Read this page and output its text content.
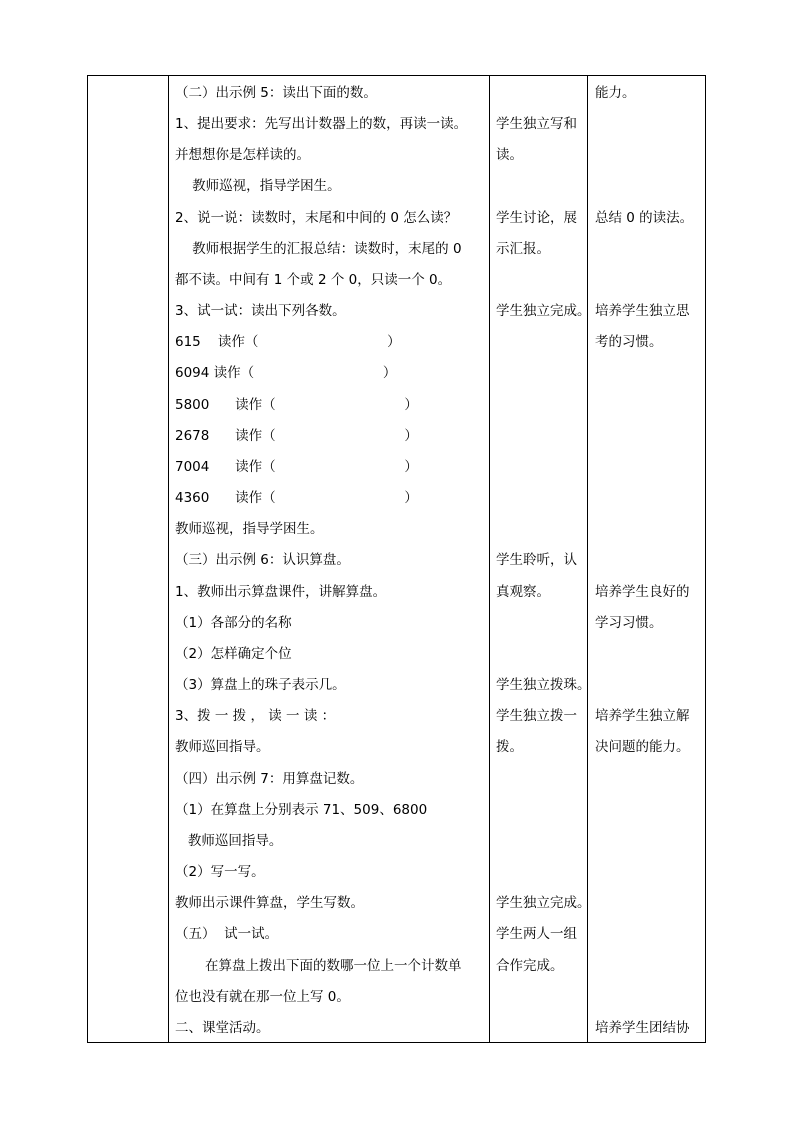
（二）出示例 5：读出下面的数。
1、提出要求：先写出计数器上的数，再读一读。
并想想你是怎样读的。
教师巡视，指导学困生。
2、说一说：读数时，末尾和中间的 0 怎么读？
教师根据学生的汇报总结：读数时，末尾的 0
都不读。中间有 1 个或 2 个 0，只读一个 0。
3、试一试：读出下列各数。
615    读作（                              ）
6094 读作（                              ）
5800      读作（                              ）
2678      读作（                              ）
7004      读作（                              ）
4360      读作（                              ）
教师巡视，指导学困生。
（三）出示例 6：认识算盘。
1、教师出示算盘课件，讲解算盘。
（1）各部分的名称
（2）怎样确定个位
（3）算盘上的珠子表示几。
3、拨 一 拨 ， 读 一 读 ：
教师巡回指导。
（四）出示例 7：用算盘记数。
（1）在算盘上分别表示 71、509、6800
教师巡回指导。
（2）写一写。
教师出示课件算盘，学生写数。
（五）  试一试。
在算盘上拨出下面的数哪一位上一个计数单
位也没有就在那一位上写 0。
二、课堂活动。
学生独立写和
读。
学生讨论，展
示汇报。
学生独立完成。
学生聆听，认
真观察。
学生独立拨珠。
学生独立拨一
拨。
学生独立完成。
学生两人一组
合作完成。
能力。
总结 0 的读法。
培养学生独立思
考的习惯。
培养学生良好的
学习习惯。
培养学生独立解
决问题的能力。
培养学生团结协
